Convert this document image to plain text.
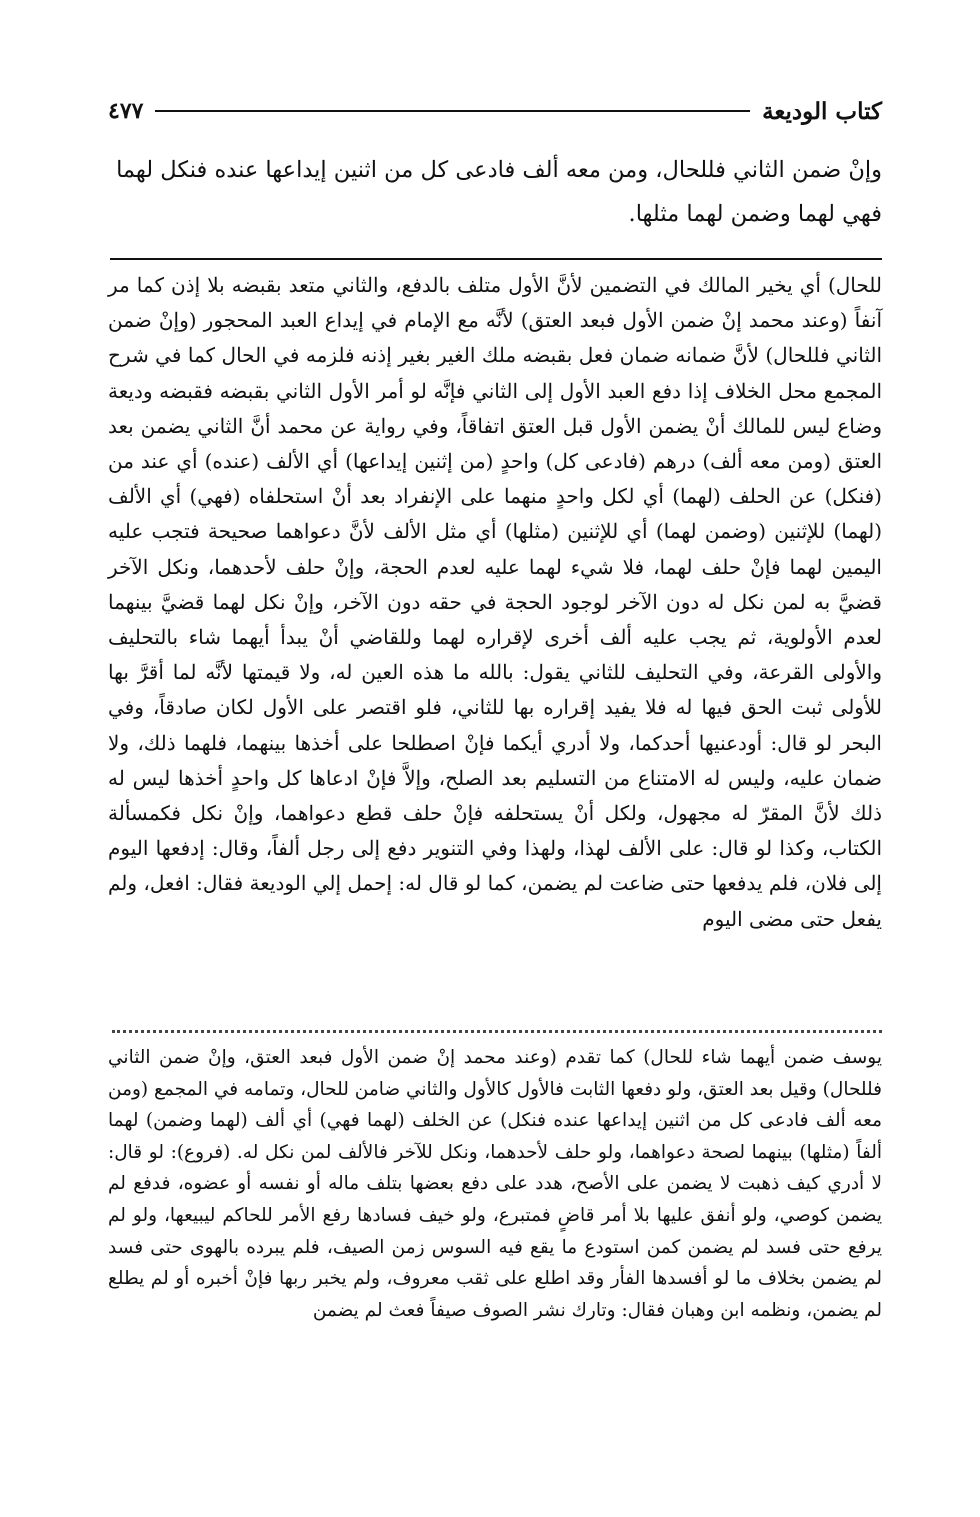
كتاب الوديعة
٤٧٧

وإنْ ضمن الثاني فللحال، ومن معه ألف فادعى كل من اثنين إيداعها عنده فنكل لهما

فهي لهما وضمن لهما مثلها.

للحال) أي يخير المالك في التضمين لأنَّ الأول متلف بالدفع، والثاني متعد بقبضه بلا إذن كما مر آنفاً (وعند محمد إنْ ضمن الأول فبعد العتق) لأنَّه مع الإمام في إيداع العبد المحجور (وإنْ ضمن الثاني فللحال) لأنَّ ضمانه ضمان فعل بقبضه ملك الغير بغير إذنه فلزمه في الحال كما في شرح المجمع محل الخلاف إذا دفع العبد الأول إلى الثاني فإنَّه لو أمر الأول الثاني بقبضه فقبضه وديعة وضاع ليس للمالك أنْ يضمن الأول قبل العتق اتفاقاً، وفي رواية عن محمد أنَّ الثاني يضمن بعد العتق (ومن معه ألف) درهم (فادعى كل) واحدٍ (من إثنين إيداعها) أي الألف (عنده) أي عند من (فنكل) عن الحلف (لهما) أي لكل واحدٍ منهما على الإنفراد بعد أنْ استحلفاه (فهي) أي الألف (لهما) للإثنين (وضمن لهما) أي للإثنين (مثلها) أي مثل الألف لأنَّ دعواهما صحيحة فتجب عليه اليمين لهما فإنْ حلف لهما، فلا شيء لهما عليه لعدم الحجة، وإنْ حلف لأحدهما، ونكل الآخر قضيَّ به لمن نكل له دون الآخر لوجود الحجة في حقه دون الآخر، وإنْ نكل لهما قضيَّ بينهما لعدم الأولوية، ثم يجب عليه ألف أخرى لإقراره لهما وللقاضي أنْ يبدأ أيهما شاء بالتحليف والأولى القرعة، وفي التحليف للثاني يقول: بالله ما هذه العين له، ولا قيمتها لأنَّه لما أقرَّ بها للأولى ثبت الحق فيها له فلا يفيد إقراره بها للثاني، فلو اقتصر على الأول لكان صادقاً، وفي البحر لو قال: أودعنيها أحدكما، ولا أدري أيكما فإنْ اصطلحا على أخذها بينهما، فلهما ذلك، ولا ضمان عليه، وليس له الامتناع من التسليم بعد الصلح، وإلاَّ فإنْ ادعاها كل واحدٍ أخذها ليس له ذلك لأنَّ المقرّ له مجهول، ولكل أنْ يستحلفه فإنْ حلف قطع دعواهما، وإنْ نكل فكمسألة الكتاب، وكذا لو قال: على الألف لهذا، ولهذا وفي التنوير دفع إلى رجل ألفاً، وقال: إدفعها اليوم إلى فلان، فلم يدفعها حتى ضاعت لم يضمن، كما لو قال له: إحمل إلي الوديعة فقال: افعل، ولم يفعل حتى مضى اليوم

يوسف ضمن أيهما شاء للحال) كما تقدم (وعند محمد إنْ ضمن الأول فبعد العتق، وإنْ ضمن الثاني فللحال) وقيل بعد العتق، ولو دفعها الثابت فالأول كالأول والثاني ضامن للحال، وتمامه في المجمع (ومن معه ألف فادعى كل من اثنين إيداعها عنده فنكل) عن الخلف (لهما فهي) أي ألف (لهما وضمن) لهما ألفاً (مثلها) بينهما لصحة دعواهما، ولو حلف لأحدهما، ونكل للآخر فالألف لمن نكل له. (فروع): لو قال: لا أدري كيف ذهبت لا يضمن على الأصح، هدد على دفع بعضها بتلف ماله أو نفسه أو عضوه، فدفع لم يضمن كوصي، ولو أنفق عليها بلا أمر قاضٍ فمتبرع، ولو خيف فسادها رفع الأمر للحاكم ليبيعها، ولو لم يرفع حتى فسد لم يضمن كمن استودع ما يقع فيه السوس زمن الصيف، فلم يبرده بالهوى حتى فسد لم يضمن بخلاف ما لو أفسدها الفأر وقد اطلع على ثقب معروف، ولم يخبر ربها فإنْ أخبره أو لم يطلع لم يضمن، ونظمه ابن وهبان فقال: وتارك نشر الصوف صيفاً فعث لم يضمن
